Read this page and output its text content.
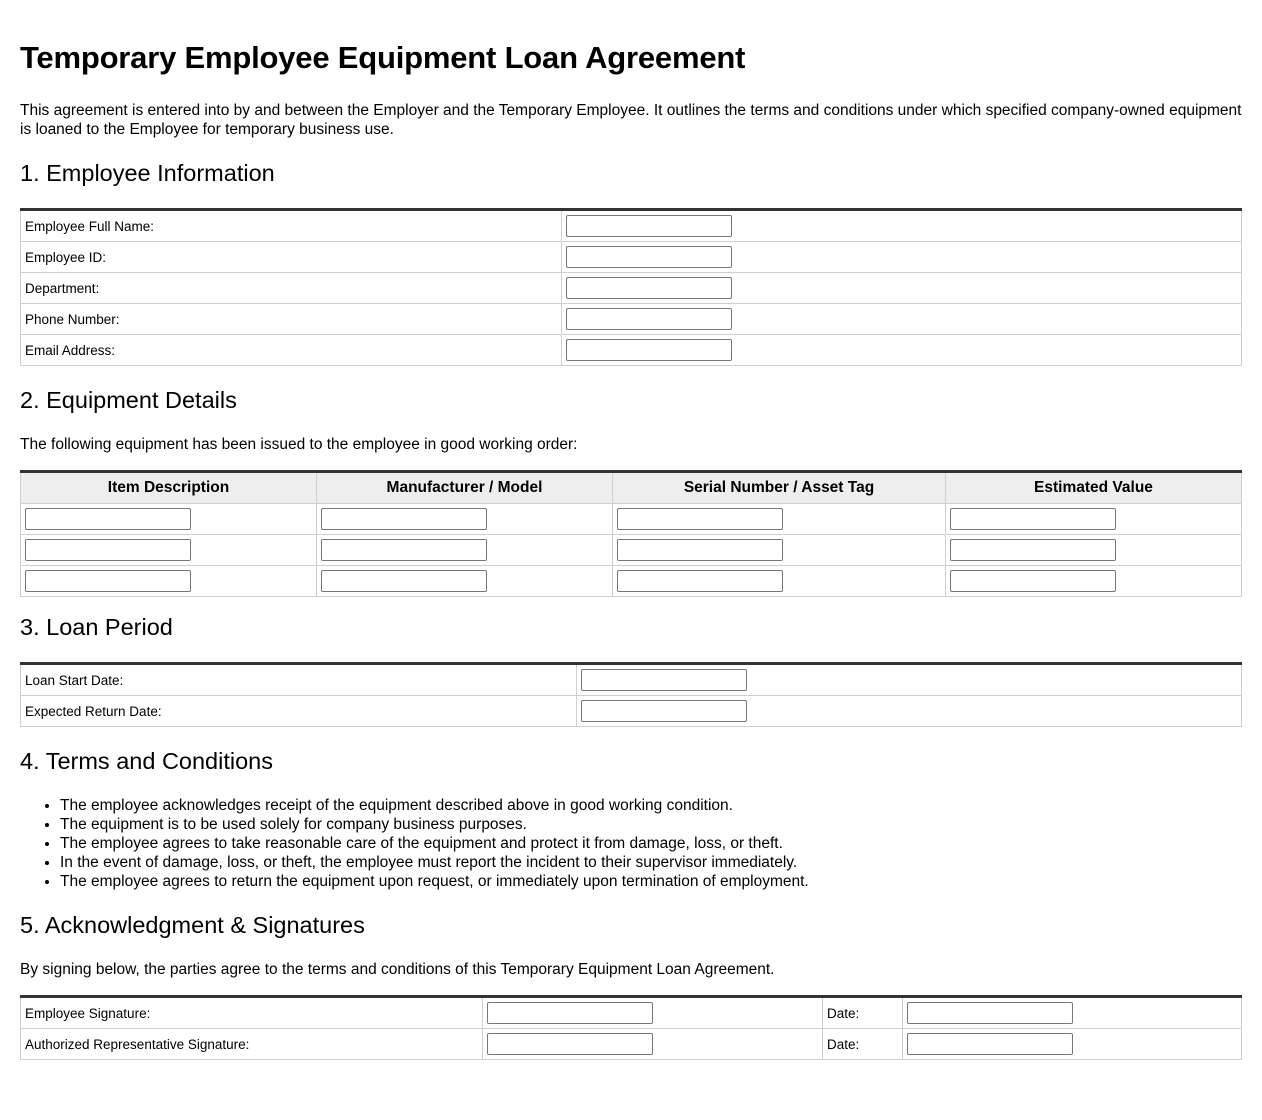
Temporary Employee Equipment Loan Agreement
This agreement is entered into by and between the Employer and the Temporary Employee. It outlines the terms and conditions under which specified company-owned equipment is loaned to the Employee for temporary business use.
1. Employee Information
Employee Full Name:	

Employee ID:	

Department:	

Phone Number:	

Email Address:	
2. Equipment Details
The following equipment has been issued to the employee in good working order:
Item Description	Manufacturer / Model	Serial Number / Asset Tag	Estimated Value

3. Loan Period
Loan Start Date:	

Expected Return Date:	
4. Terms and Conditions
• The employee acknowledges receipt of the equipment described above in good working condition.
• The equipment is to be used solely for company business purposes.
• The employee agrees to take reasonable care of the equipment and protect it from damage, loss, or theft.
• In the event of damage, loss, or theft, the employee must report the incident to their supervisor immediately.
• The employee agrees to return the equipment upon request, or immediately upon termination of employment.
5. Acknowledgment & Signatures
By signing below, the parties agree to the terms and conditions of this Temporary Equipment Loan Agreement.
Employee Signature:		Date:	

Authorized Representative Signature:		Date:	
